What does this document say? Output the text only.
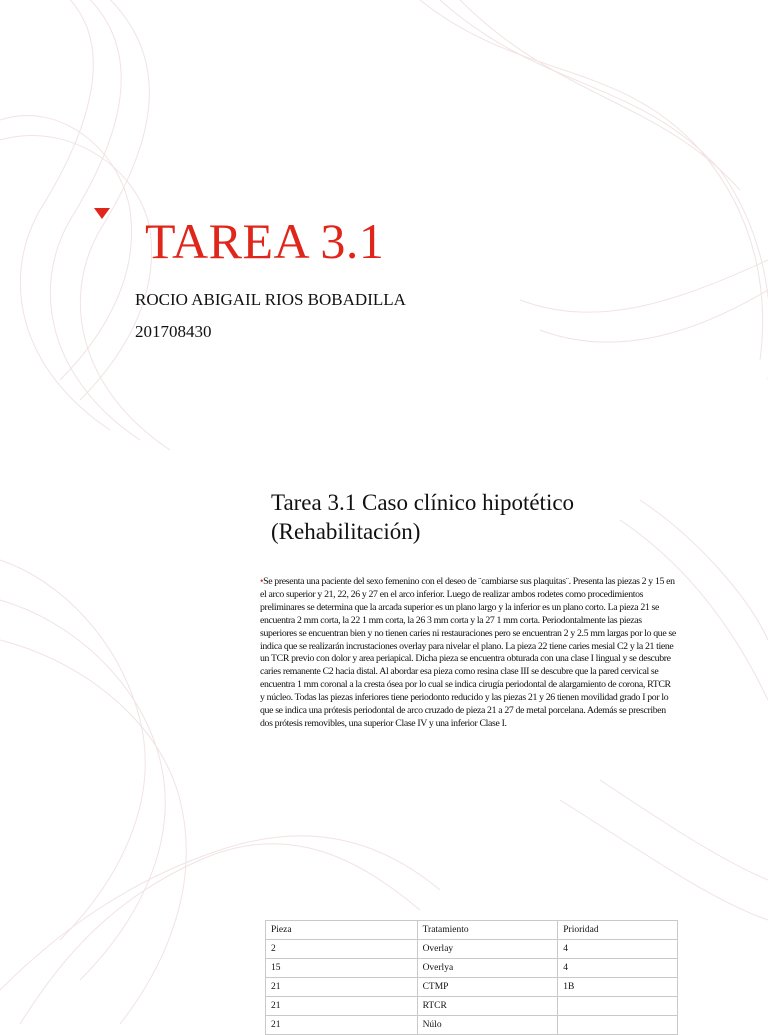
TAREA 3.1
ROCIO ABIGAIL RIOS BOBADILLA
201708430
Tarea 3.1 Caso clínico hipotético
(Rehabilitación)
•Se presenta una paciente del sexo femenino con el deseo de ¨cambiarse sus plaquitas¨. Presenta las piezas 2 y 15 en el arco superior y 21, 22, 26 y 27 en el arco inferior. Luego de realizar ambos rodetes como procedimientos preliminares se determina que la arcada superior es un plano largo y la inferior es un plano corto. La pieza 21 se encuentra 2 mm corta, la 22 1 mm corta, la 26 3 mm corta y la 27 1 mm corta. Periodontalmente las piezas superiores se encuentran bien y no tienen caries ni restauraciones pero se encuentran 2 y 2.5 mm largas por lo que se indica que se realizarán incrustaciones overlay para nivelar el plano. La pieza 22 tiene caries mesial C2 y la 21 tiene un TCR previo con dolor y area periapical. Dicha pieza se encuentra obturada con una clase I lingual y se descubre caries remanente C2 hacia distal. Al abordar esa pieza como resina clase III se descubre que la pared cervical se encuentra 1 mm coronal a la cresta ósea por lo cual se indica cirugía periodontal de alargamiento de corona, RTCR y núcleo. Todas las piezas inferiores tiene periodonto reducido y las piezas 21 y 26 tienen movilidad grado I por lo que se indica una prótesis periodontal de arco cruzado de pieza 21 a 27 de metal porcelana. Además se prescriben dos prótesis removibles, una superior Clase IV y una inferior Clase I.
Pieza	Tratamiento	Prioridad
2	Overlay	4
15	Overlya	4
21	CTMP	1B
21	RTCR	
21	Núlo	
